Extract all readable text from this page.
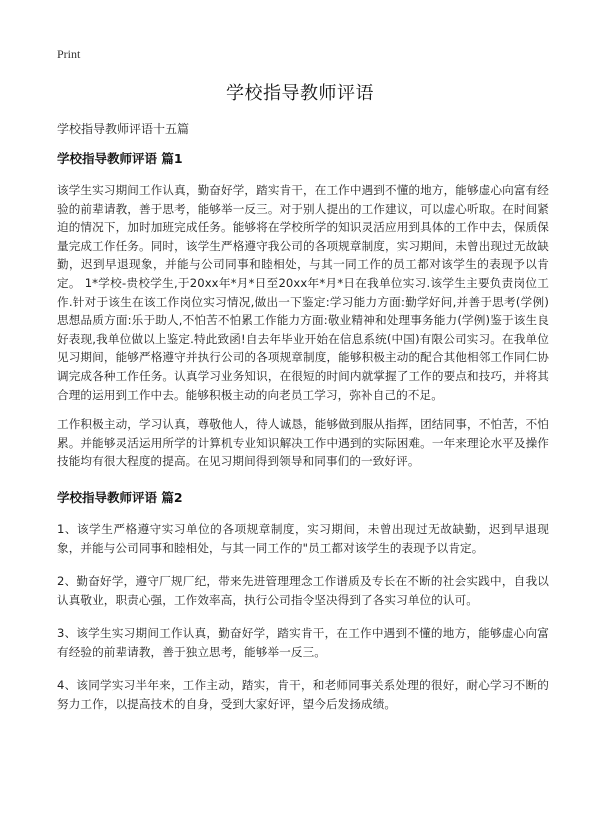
Print
学校指导教师评语

学校指导教师评语十五篇

学校指导教师评语 篇1

该学生实习期间工作认真，勤奋好学，踏实肯干，在工作中遇到不懂的地方，能够虚心向富有经验的前辈请教，善于思考，能够举一反三。对于别人提出的工作建议，可以虚心听取。在时间紧迫的情况下，加时加班完成任务。能够将在学校所学的知识灵活应用到具体的工作中去，保质保量完成工作任务。同时，该学生严格遵守我公司的各项规章制度，实习期间，未曾出现过无故缺勤，迟到早退现象，并能与公司同事和睦相处，与其一同工作的员工都对该学生的表现予以肯定。 1*学校-贵校学生,于20xx年*月*日至20xx年*月*日在我单位实习.该学生主要负责岗位工作.针对于该生在该工作岗位实习情况,做出一下鉴定:学习能力方面:勤学好问,并善于思考(学例)思想品质方面:乐于助人,不怕苦不怕累工作能力方面:敬业精神和处理事务能力(学例)鉴于该生良好表现,我单位做以上鉴定.特此致函!自去年毕业开始在信息系统(中国)有限公司实习。在我单位见习期间，能够严格遵守并执行公司的各项规章制度，能够积极主动的配合其他相邻工作同仁协调完成各种工作任务。认真学习业务知识，在很短的时间内就掌握了工作的要点和技巧，并将其合理的运用到工作中去。能够积极主动的向老员工学习，弥补自己的不足。

工作积极主动，学习认真，尊敬他人，待人诚恳，能够做到服从指挥，团结同事，不怕苦，不怕累。并能够灵活运用所学的计算机专业知识解决工作中遇到的实际困难。一年来理论水平及操作技能均有很大程度的提高。在见习期间得到领导和同事们的一致好评。

学校指导教师评语 篇2

1、该学生严格遵守实习单位的各项规章制度，实习期间，未曾出现过无故缺勤，迟到早退现象，并能与公司同事和睦相处，与其一同工作的"员工都对该学生的表现予以肯定。

2、勤奋好学，遵守厂规厂纪，带来先进管理理念工作谱质及专长在不断的社会实践中，自我以认真敬业，职责心强，工作效率高，执行公司指令坚决得到了各实习单位的认可。

3、该学生实习期间工作认真，勤奋好学，踏实肯干，在工作中遇到不懂的地方，能够虚心向富有经验的前辈请教，善于独立思考，能够举一反三。

4、该同学实习半年来，工作主动，踏实，肯干，和老师同事关系处理的很好，耐心学习不断的努力工作，以提高技术的自身，受到大家好评，望今后发扬成绩。
